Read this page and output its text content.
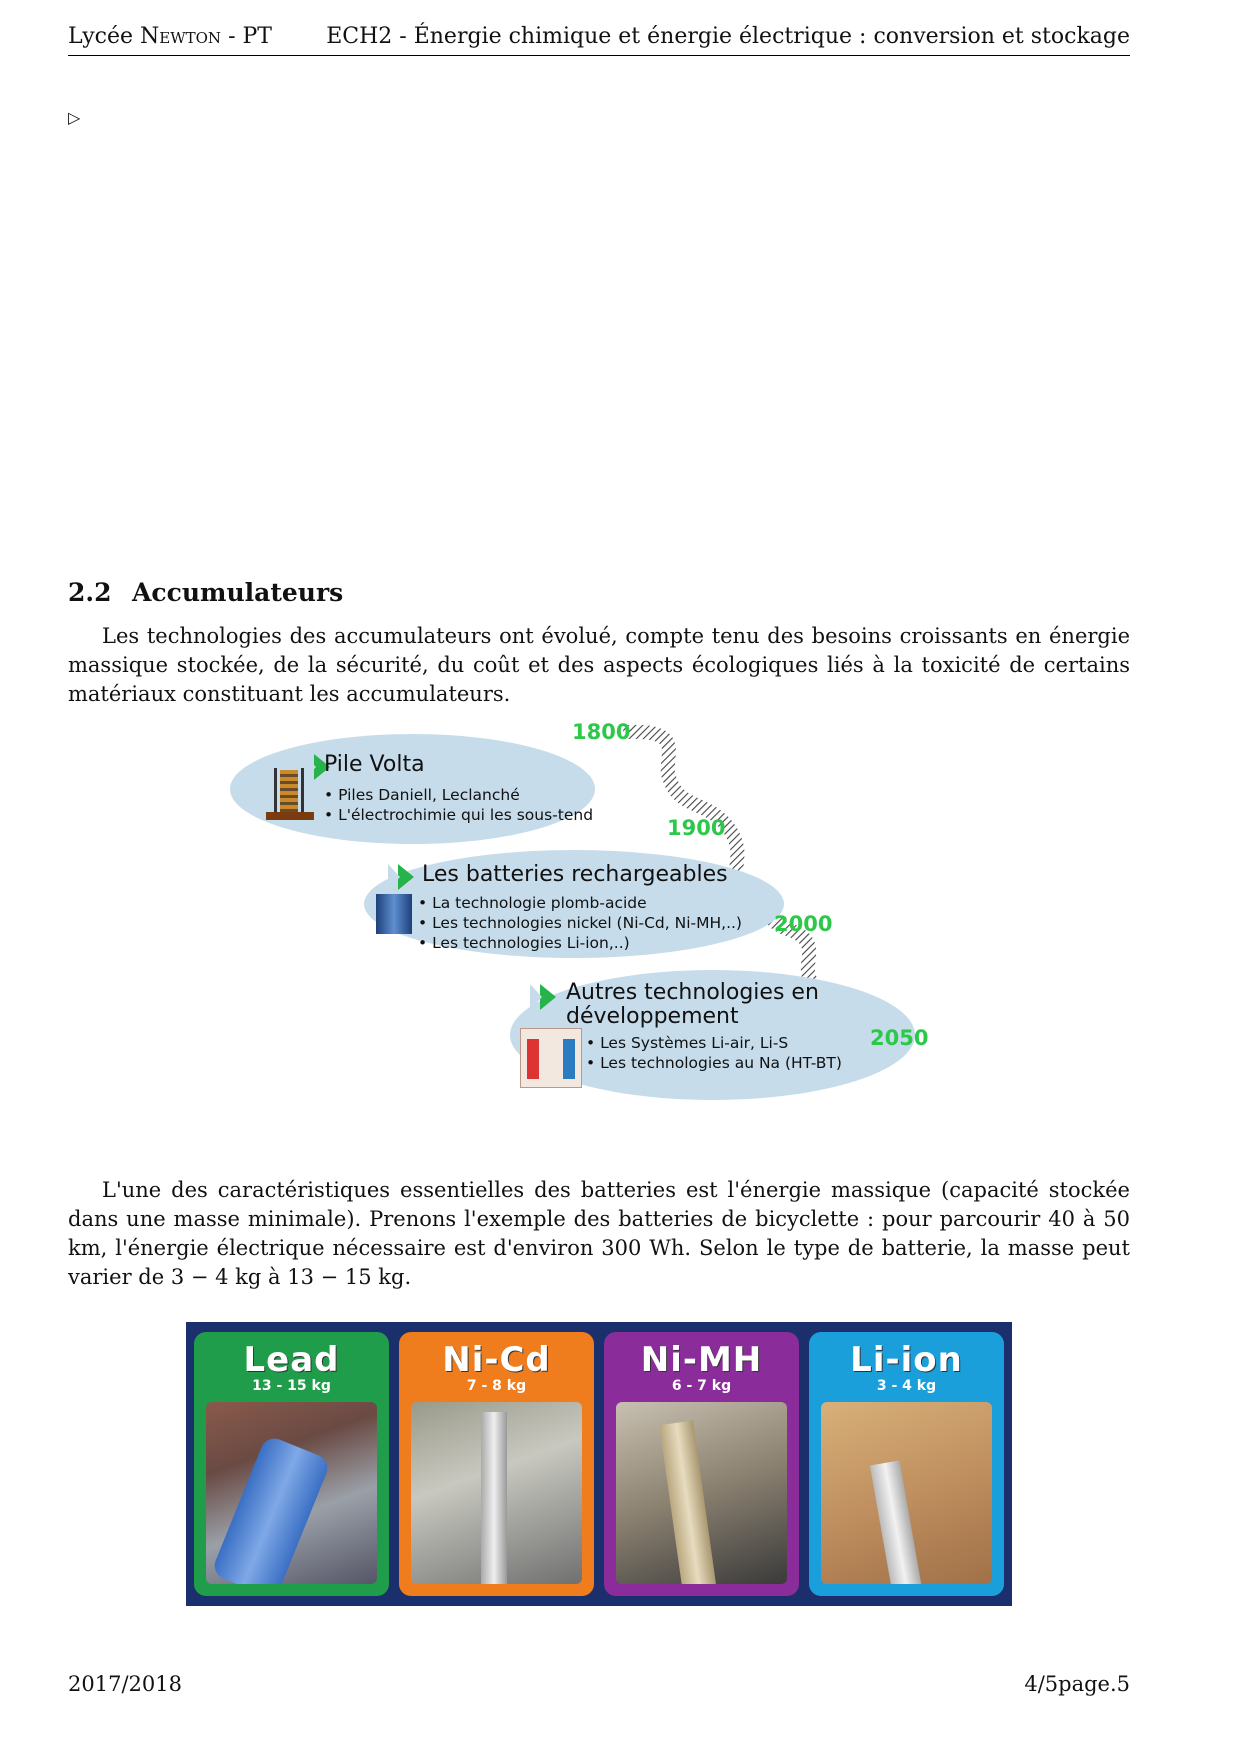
Lycée Newton - PT ECH2 - Énergie chimique et énergie électrique : conversion et stockage
▷
2.2 Accumulateurs

Les technologies des accumulateurs ont évolué, compte tenu des besoins croissants en énergie massique stockée, de la sécurité, du coût et des aspects écologiques liés à la toxicité de certains matériaux constituant les accumulateurs.

Pile Volta
• Piles Daniell, Leclanché
• L'électrochimie qui les sous-tend
Les batteries rechargeables
• La technologie plomb-acide
• Les technologies nickel (Ni-Cd, Ni-MH,..)
• Les technologies Li-ion,..)
Autres technologies en
développement
• Les Systèmes Li-air, Li-S
• Les technologies au Na (HT-BT)
1800
1900
2000
2050

L'une des caractéristiques essentielles des batteries est l'énergie massique (capacité stockée dans une masse minimale). Prenons l'exemple des batteries de bicyclette : pour parcourir 40 à 50 km, l'énergie électrique nécessaire est d'environ 300 Wh. Selon le type de batterie, la masse peut varier de 3 − 4 kg à 13 − 15 kg.

Lead
13 - 15 kg
Ni-Cd
7 - 8 kg
Ni-MH
6 - 7 kg
Li-ion
3 - 4 kg
2017/2018	4/5page.5
